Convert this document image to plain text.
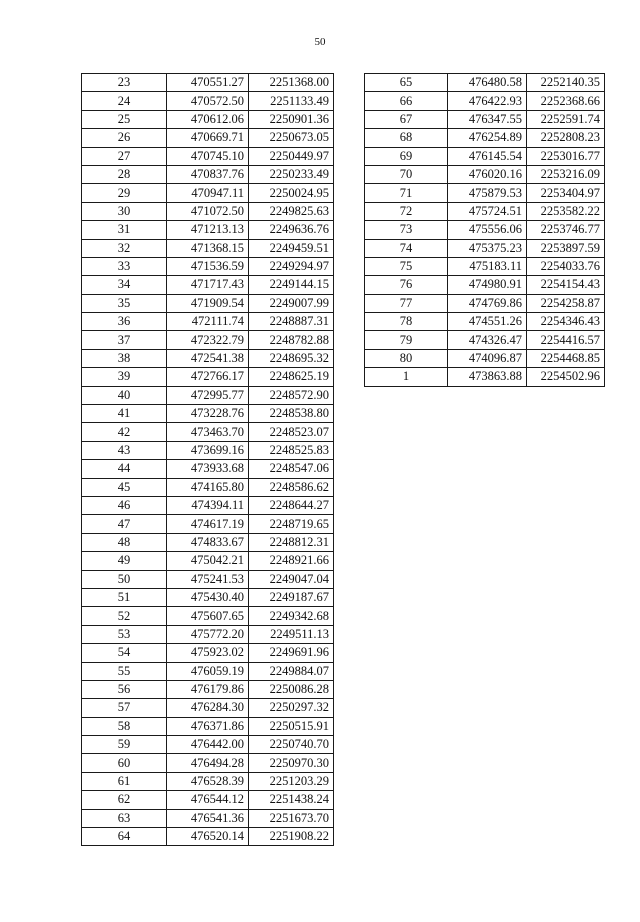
50
23	470551.27	2251368.00
24	470572.50	2251133.49
25	470612.06	2250901.36
26	470669.71	2250673.05
27	470745.10	2250449.97
28	470837.76	2250233.49
29	470947.11	2250024.95
30	471072.50	2249825.63
31	471213.13	2249636.76
32	471368.15	2249459.51
33	471536.59	2249294.97
34	471717.43	2249144.15
35	471909.54	2249007.99
36	472111.74	2248887.31
37	472322.79	2248782.88
38	472541.38	2248695.32
39	472766.17	2248625.19
40	472995.77	2248572.90
41	473228.76	2248538.80
42	473463.70	2248523.07
43	473699.16	2248525.83
44	473933.68	2248547.06
45	474165.80	2248586.62
46	474394.11	2248644.27
47	474617.19	2248719.65
48	474833.67	2248812.31
49	475042.21	2248921.66
50	475241.53	2249047.04
51	475430.40	2249187.67
52	475607.65	2249342.68
53	475772.20	2249511.13
54	475923.02	2249691.96
55	476059.19	2249884.07
56	476179.86	2250086.28
57	476284.30	2250297.32
58	476371.86	2250515.91
59	476442.00	2250740.70
60	476494.28	2250970.30
61	476528.39	2251203.29
62	476544.12	2251438.24
63	476541.36	2251673.70
64	476520.14	2251908.22
65	476480.58	2252140.35
66	476422.93	2252368.66
67	476347.55	2252591.74
68	476254.89	2252808.23
69	476145.54	2253016.77
70	476020.16	2253216.09
71	475879.53	2253404.97
72	475724.51	2253582.22
73	475556.06	2253746.77
74	475375.23	2253897.59
75	475183.11	2254033.76
76	474980.91	2254154.43
77	474769.86	2254258.87
78	474551.26	2254346.43
79	474326.47	2254416.57
80	474096.87	2254468.85
1	473863.88	2254502.96
